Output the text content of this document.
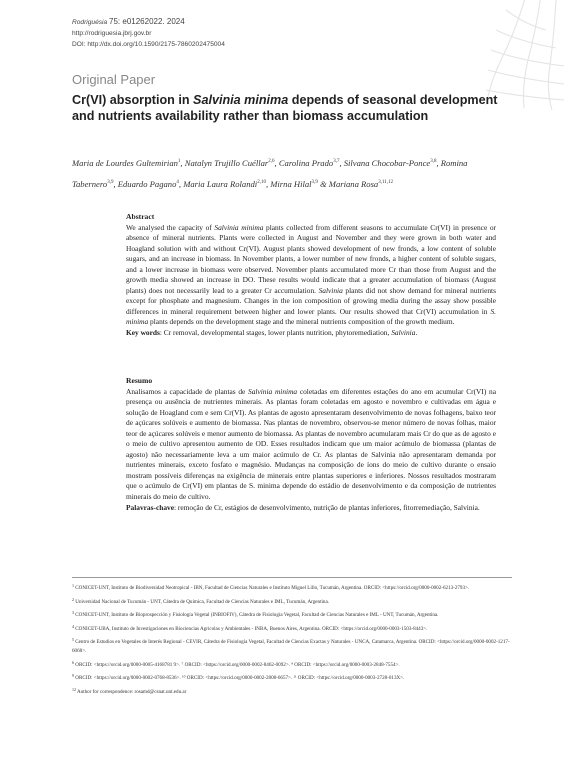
Rodriguésia 75: e01262022. 2024
http://rodriguesia.jbrj.gov.br
DOI: http://dx.doi.org/10.1590/2175-7860202475004
Original Paper
Cr(VI) absorption in Salvinia minima depends of seasonal development and nutrients availability rather than biomass accumulation
Maria de Lourdes Gultemirian$^1$, Natalyn Trujillo Cuéllar$^{2,6}$, Carolina Prado$^{3,7}$, Silvana Chocobar-Ponce$^{3,8}$, Romina Tabernero$^{3,9}$, Eduardo Pagano$^4$, Maria Laura Rolandi$^{2,10}$, Mirna Hilal$^{3,9}$ & Mariana Rosa$^{3,11,12}$
Abstract

We analysed the capacity of Salvinia minima plants collected from different seasons to accumulate Cr(VI) in presence or absence of mineral nutrients. Plants were collected in August and November and they were grown in both water and Hoagland solution with and without Cr(VI). August plants showed development of new fronds, a low content of soluble sugars, and an increase in biomass. In November plants, a lower number of new fronds, a higher content of soluble sugars, and a lower increase in biomass were observed. November plants accumulated more Cr than those from August and the growth media showed an increase in DO. These results would indicate that a greater accumulation of biomass (August plants) does not necessarily lead to a greater Cr accumulation. Salvinia plants did not show demand for mineral nutrients except for phosphate and magnesium. Changes in the ion composition of growing media during the assay show possible differences in mineral requirement between higher and lower plants. Our results showed that Cr(VI) accumulation in S. minima plants depends on the development stage and the mineral nutrients composition of the growth medium.

Key words: Cr removal, developmental stages, lower plants nutrition, phytoremediation, Salvinia.

Resumo

Analisamos a capacidade de plantas de Salvinia minima coletadas em diferentes estações do ano em acumular Cr(VI) na presença ou ausência de nutrientes minerais. As plantas foram coletadas em agosto e novembro e cultivadas em água e solução de Hoagland com e sem Cr(VI). As plantas de agosto apresentaram desenvolvimento de novas folhagens, baixo teor de açúcares solúveis e aumento de biomassa. Nas plantas de novembro, observou-se menor número de novas folhas, maior teor de açúcares solúveis e menor aumento de biomassa. As plantas de novembro acumularam mais Cr do que as de agosto e o meio de cultivo apresentou aumento de OD. Esses resultados indicam que um maior acúmulo de biomassa (plantas de agosto) não necessariamente leva a um maior acúmulo de Cr. As plantas de Salvinia não apresentaram demanda por nutrientes minerais, exceto fosfato e magnésio. Mudanças na composição de íons do meio de cultivo durante o ensaio mostram possíveis diferenças na exigência de minerais entre plantas superiores e inferiores. Nossos resultados mostraram que o acúmulo de Cr(VI) em plantas de S. minima depende do estádio de desenvolvimento e da composição de nutrientes minerais do meio de cultivo.

Palavras-chave: remoção de Cr, estágios de desenvolvimento, nutrição de plantas inferiores, fitorremediação, Salvinia.

$^1$ CONICET-UNT, Instituto de Biodiversidad Neotropical - IBN, Facultad de Ciencias Naturales e Instituto Miguel Lillo, Tucumán, Argentina. ORCID: <https://orcid.org/0000-0002-6213-2793>.

$^2$ Universidad Nacional de Tucumán - UNT, Cátedra de Química, Facultad de Ciencias Naturales e IML, Tucumán, Argentina.

$^3$ CONICET-UNT, Instituto de Bioprospección y Fisiología Vegetal (INBIOFIV), Cátedra de Fisiología Vegetal, Facultad de Ciencias Naturales e IML - UNT, Tucumán, Argentina.

$^4$ CONICET-UBA, Instituto de Investigaciones en Biociencias Agrícolas y Ambientales - INBA, Buenos Aires, Argentina. ORCID: <https://orcid.org/0000-0003-1503-8443>.

$^5$ Centro de Estudios en Vegetales de Interés Regional - CEVIR, Cátedra de Fisiología Vegetal, Facultad de Ciencias Exactas y Naturales - UNCA, Catamarca, Argentina. ORCID: <https://orcid.org/0000-0002-1217-6068>.

$^6$ ORCID: <https://orcid.org/0000-0005-4168781 9>. ⁷ ORCID: <https://orcid.org/0000-0002-8462-0092>. ⁸ ORCID: <https://orcid.org/0000-0003-2848-7554>.

$^9$ ORCID: <https://orcid.org/0000-0002-0768-8536>. ¹⁰ ORCID: <https://orcid.org/0000-0002-2808-6657>. ¹¹ ORCID: <https://orcid.org/0000-0003-2728-013X>.

$^{12}$ Author for correspondence: rosamd@csnat.unt.edu.ar
